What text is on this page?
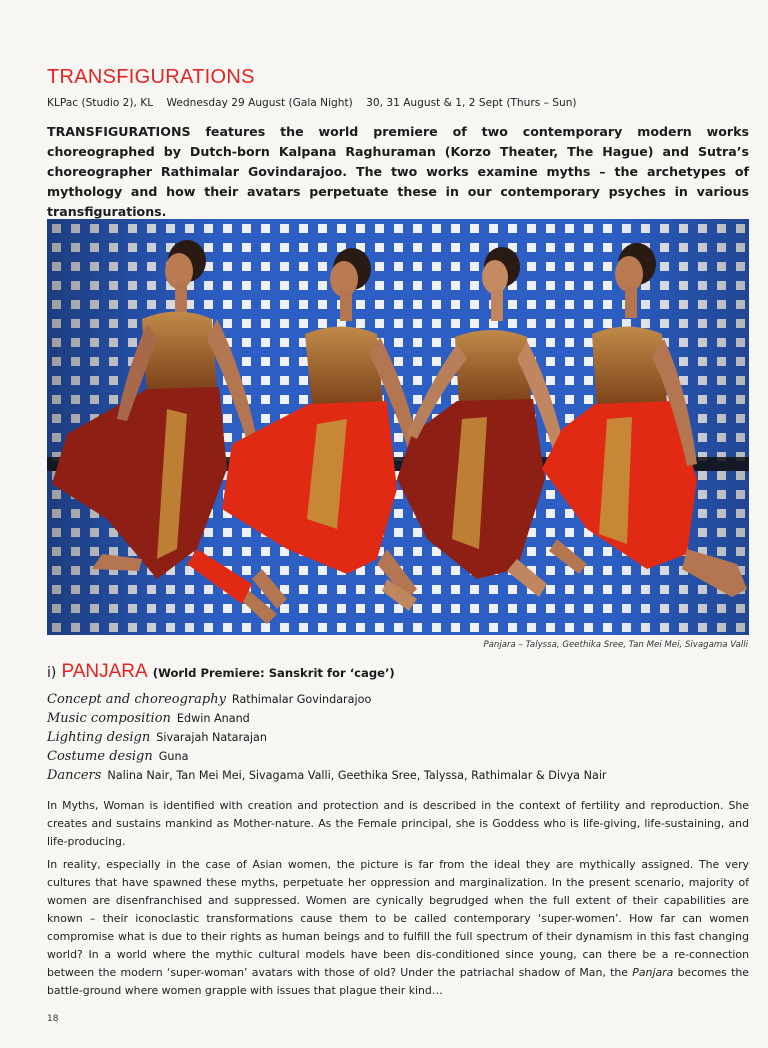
TRANSFIGURATIONS
KLPac (Studio 2), KL Wednesday 29 August (Gala Night) 30, 31 August & 1, 2 Sept (Thurs – Sun)
TRANSFIGURATIONS features the world premiere of two contemporary modern works choreographed by Dutch-born Kalpana Raghuraman (Korzo Theater, The Hague) and Sutra’s choreographer Rathimalar Govindarajoo. The two works examine myths – the archetypes of mythology and how their avatars perpetuate these in our contemporary psyches in various transfigurations.
Panjara – Talyssa, Geethika Sree, Tan Mei Mei, Sivagama Valli
i) PANJARA (World Premiere: Sanskrit for ‘cage’)
Concept and choreography Rathimalar Govindarajoo
Music composition Edwin Anand
Lighting design Sivarajah Natarajan
Costume design Guna
Dancers Nalina Nair, Tan Mei Mei, Sivagama Valli, Geethika Sree, Talyssa, Rathimalar & Divya Nair
In Myths, Woman is identified with creation and protection and is described in the context of fertility and reproduction. She creates and sustains mankind as Mother-nature. As the Female principal, she is Goddess who is life-giving, life-sustaining, and life-producing.
In reality, especially in the case of Asian women, the picture is far from the ideal they are mythically assigned. The very cultures that have spawned these myths, perpetuate her oppression and marginalization. In the present scenario, majority of women are disenfranchised and suppressed. Women are cynically begrudged when the full extent of their capabilities are known – their iconoclastic transformations cause them to be called contemporary ‘super-women’. How far can women compromise what is due to their rights as human beings and to fulfill the full spectrum of their dynamism in this fast changing world? In a world where the mythic cultural models have been dis-conditioned since young, can there be a re-connection between the modern ‘super-woman’ avatars with those of old? Under the patriachal shadow of Man, the Panjara becomes the battle-ground where women grapple with issues that plague their kind…
18
